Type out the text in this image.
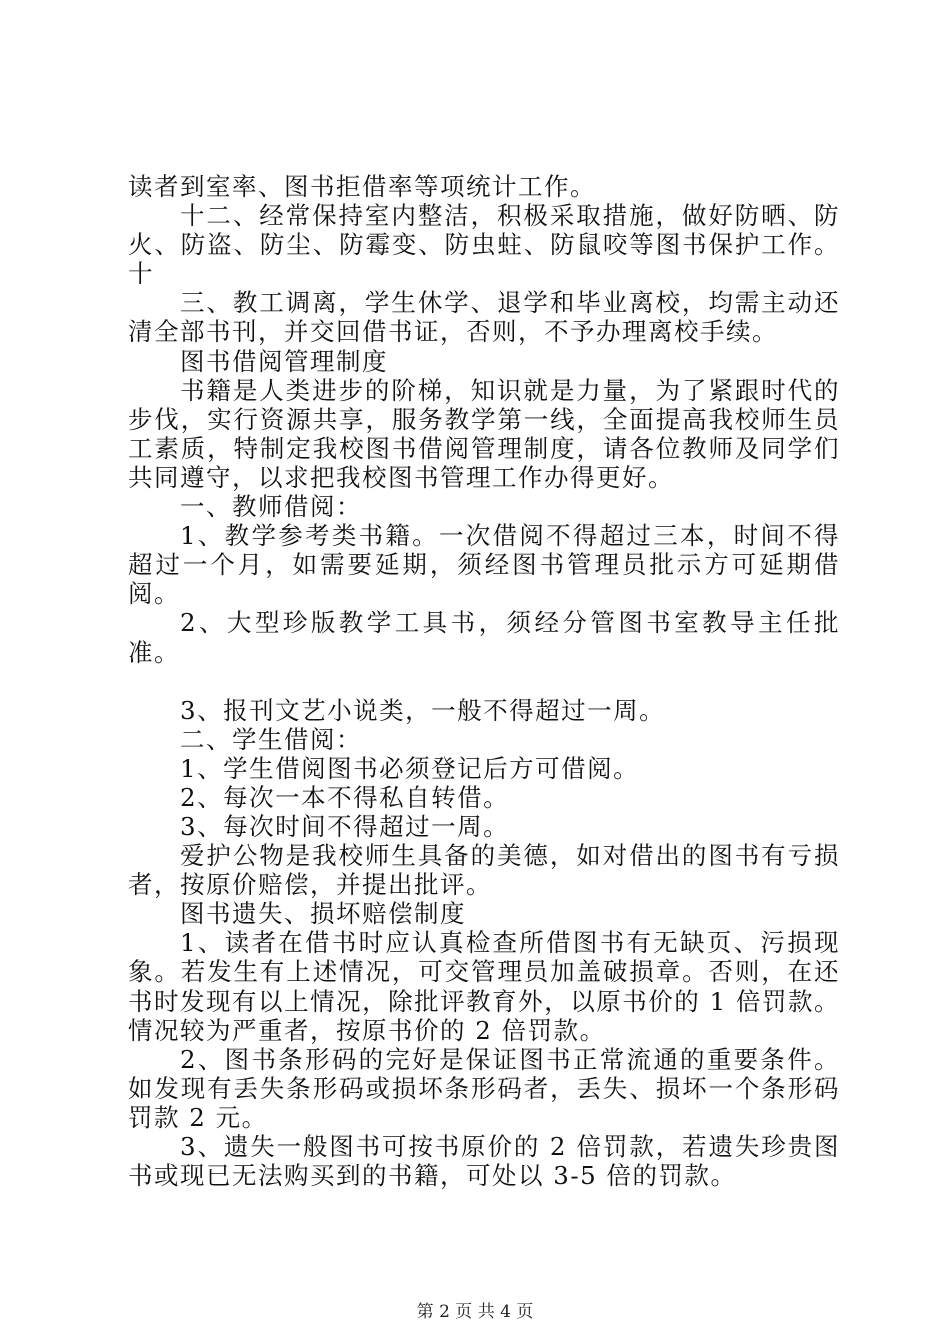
读者到室率、图书拒借率等项统计工作。

十二、经常保持室内整洁，积极采取措施，做好防晒、防火、防盗、防尘、防霉变、防虫蛀、防鼠咬等图书保护工作。十

三、教工调离，学生休学、退学和毕业离校，均需主动还清全部书刊，并交回借书证，否则，不予办理离校手续。

图书借阅管理制度

书籍是人类进步的阶梯，知识就是力量，为了紧跟时代的步伐，实行资源共享，服务教学第一线，全面提高我校师生员工素质，特制定我校图书借阅管理制度，请各位教师及同学们共同遵守，以求把我校图书管理工作办得更好。

一、教师借阅：

1、教学参考类书籍。一次借阅不得超过三本，时间不得超过一个月，如需要延期，须经图书管理员批示方可延期借阅。

2、大型珍版教学工具书，须经分管图书室教导主任批准。

3、报刊文艺小说类，一般不得超过一周。

二、学生借阅：

1、学生借阅图书必须登记后方可借阅。

2、每次一本不得私自转借。

3、每次时间不得超过一周。

爱护公物是我校师生具备的美德，如对借出的图书有亏损者，按原价赔偿，并提出批评。

图书遗失、损坏赔偿制度

1、读者在借书时应认真检查所借图书有无缺页、污损现象。若发生有上述情况，可交管理员加盖破损章。否则，在还书时发现有以上情况，除批评教育外，以原书价的 1 倍罚款。情况较为严重者，按原书价的 2 倍罚款。

2、图书条形码的完好是保证图书正常流通的重要条件。如发现有丢失条形码或损坏条形码者，丢失、损坏一个条形码罚款 2 元。

3、遗失一般图书可按书原价的 2 倍罚款，若遗失珍贵图书或现已无法购买到的书籍，可处以 3-5 倍的罚款。

第 2 页 共 4 页
